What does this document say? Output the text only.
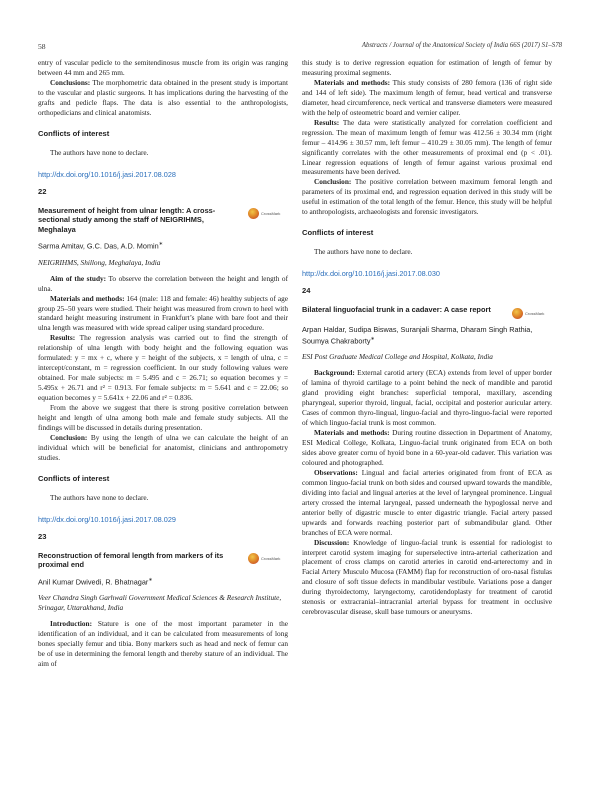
58	Abstracts / Journal of the Anatomical Society of India 66S (2017) S1–S78

entry of vascular pedicle to the semitendinosus muscle from its origin was ranging between 44 mm and 265 mm.

Conclusions: The morphometric data obtained in the present study is important to the vascular and plastic surgeons. It has implications during the harvesting of the grafts and pedicle flaps. The data is also essential to the anthropologists, orthopedicians and clinical anatomists.

Conflicts of interest

The authors have none to declare.

http://dx.doi.org/10.1016/j.jasi.2017.08.028
22
Measurement of height from ulnar length: A cross-sectional study among the staff of NEIGRIHMS, Meghalaya
CrossMark
Sarma Amitav, G.C. Das, A.D. Momin∗
NEIGRIHMS, Shillong, Meghalaya, India

Aim of the study: To observe the correlation between the height and length of ulna.

Materials and methods: 164 (male: 118 and female: 46) healthy subjects of age group 25–50 years were studied. Their height was measured from crown to heel with standard height measuring instrument in Frankfurt’s plane with bare foot and their ulna length was measured with wide spread caliper using standard procedure.

Results: The regression analysis was carried out to find the strength of relationship of ulna length with body height and the following equation was formulated: y = mx + c, where y = height of the subjects, x = length of ulna, c = intercept/constant, m = regression coefficient. In our study following values were obtained. For male subjects: m = 5.495 and c = 26.71; so equation becomes y = 5.495x + 26.71 and r² = 0.913. For female subjects: m = 5.641 and c = 22.06; so equation becomes y = 5.641x + 22.06 and r² = 0.836.

From the above we suggest that there is strong positive correlation between height and length of ulna among both male and female study subjects. All the findings will be discussed in details during presentation.

Conclusion: By using the length of ulna we can calculate the height of an individual which will be beneficial for anatomist, clinicians and anthropometry studies.

Conflicts of interest

The authors have none to declare.

http://dx.doi.org/10.1016/j.jasi.2017.08.029
23
Reconstruction of femoral length from markers of its proximal end
CrossMark
Anil Kumar Dwivedi, R. Bhatnagar∗
Veer Chandra Singh Garhwali Government Medical Sciences & Research Institute, Srinagar, Uttarakhand, India

Introduction: Stature is one of the most important parameter in the identification of an individual, and it can be calculated from measurements of long bones specially femur and tibia. Bony markers such as head and neck of femur can be of use in determining the femoral length and thereby stature of an individual. The aim of

this study is to derive regression equation for estimation of length of femur by measuring proximal segments.

Materials and methods: This study consists of 280 femora (136 of right side and 144 of left side). The maximum length of femur, head vertical and transverse diameter, head circumference, neck vertical and transverse diameters were measured with the help of osteometric board and vernier caliper.

Results: The data were statistically analyzed for correlation coefficient and regression. The mean of maximum length of femur was 412.56 ± 30.34 mm (right femur – 414.96 ± 30.57 mm, left femur – 410.29 ± 30.05 mm). The length of femur significantly correlates with the other measurements of proximal end (p < .01). Linear regression equations of length of femur against various proximal end measurements have been derived.

Conclusion: The positive correlation between maximum femoral length and parameters of its proximal end, and regression equation derived in this study will be useful in estimation of the total length of the femur. Hence, this study will be helpful to anthropologists, archaeologists and forensic investigators.

Conflicts of interest

The authors have none to declare.

http://dx.doi.org/10.1016/j.jasi.2017.08.030
24
Bilateral linguofacial trunk in a cadaver: A case report	CrossMark
Arpan Haldar, Sudipa Biswas, Suranjali Sharma, Dharam Singh Rathia, Soumya Chakraborty∗
ESI Post Graduate Medical College and Hospital, Kolkata, India

Background: External carotid artery (ECA) extends from level of upper border of lamina of thyroid cartilage to a point behind the neck of mandible and parotid gland providing eight branches: superficial temporal, maxillary, ascending pharyngeal, superior thyroid, lingual, facial, occipital and posterior auricular artery. Cases of common thyro-lingual, linguo-facial and thyro-linguo-facial were reported of which linguo-facial trunk is most common.

Materials and methods: During routine dissection in Department of Anatomy, ESI Medical College, Kolkata, Linguo-facial trunk originated from ECA on both sides above greater cornu of hyoid bone in a 60-year-old cadaver. This variation was coloured and photographed.

Observations: Lingual and facial arteries originated from front of ECA as common linguo-facial trunk on both sides and coursed upward towards the mandible, dividing into facial and lingual arteries at the level of laryngeal prominence. Lingual artery crossed the internal laryngeal, passed underneath the hypoglossal nerve and anterior belly of digastric muscle to enter digastric triangle. Facial artery passed upwards and forwards reaching posterior part of submandibular gland. Other branches of ECA were normal.

Discussion: Knowledge of linguo-facial trunk is essential for radiologist to interpret carotid system imaging for superselective intra-arterial catherization and placement of cross clamps on carotid arteries in carotid end-arterectomy and in Facial Artery Musculo Mucosa (FAMM) flap for reconstruction of oro-nasal fistulas and closure of soft tissue defects in mandibular vestibule. Variations pose a danger during thyroidectomy, laryngectomy, carotidendoplasty for treatment of carotid stenosis or extracranial–intracranial arterial bypass for treatment in occlusive cerebrovascular disease, skull base tumours or aneurysms.
